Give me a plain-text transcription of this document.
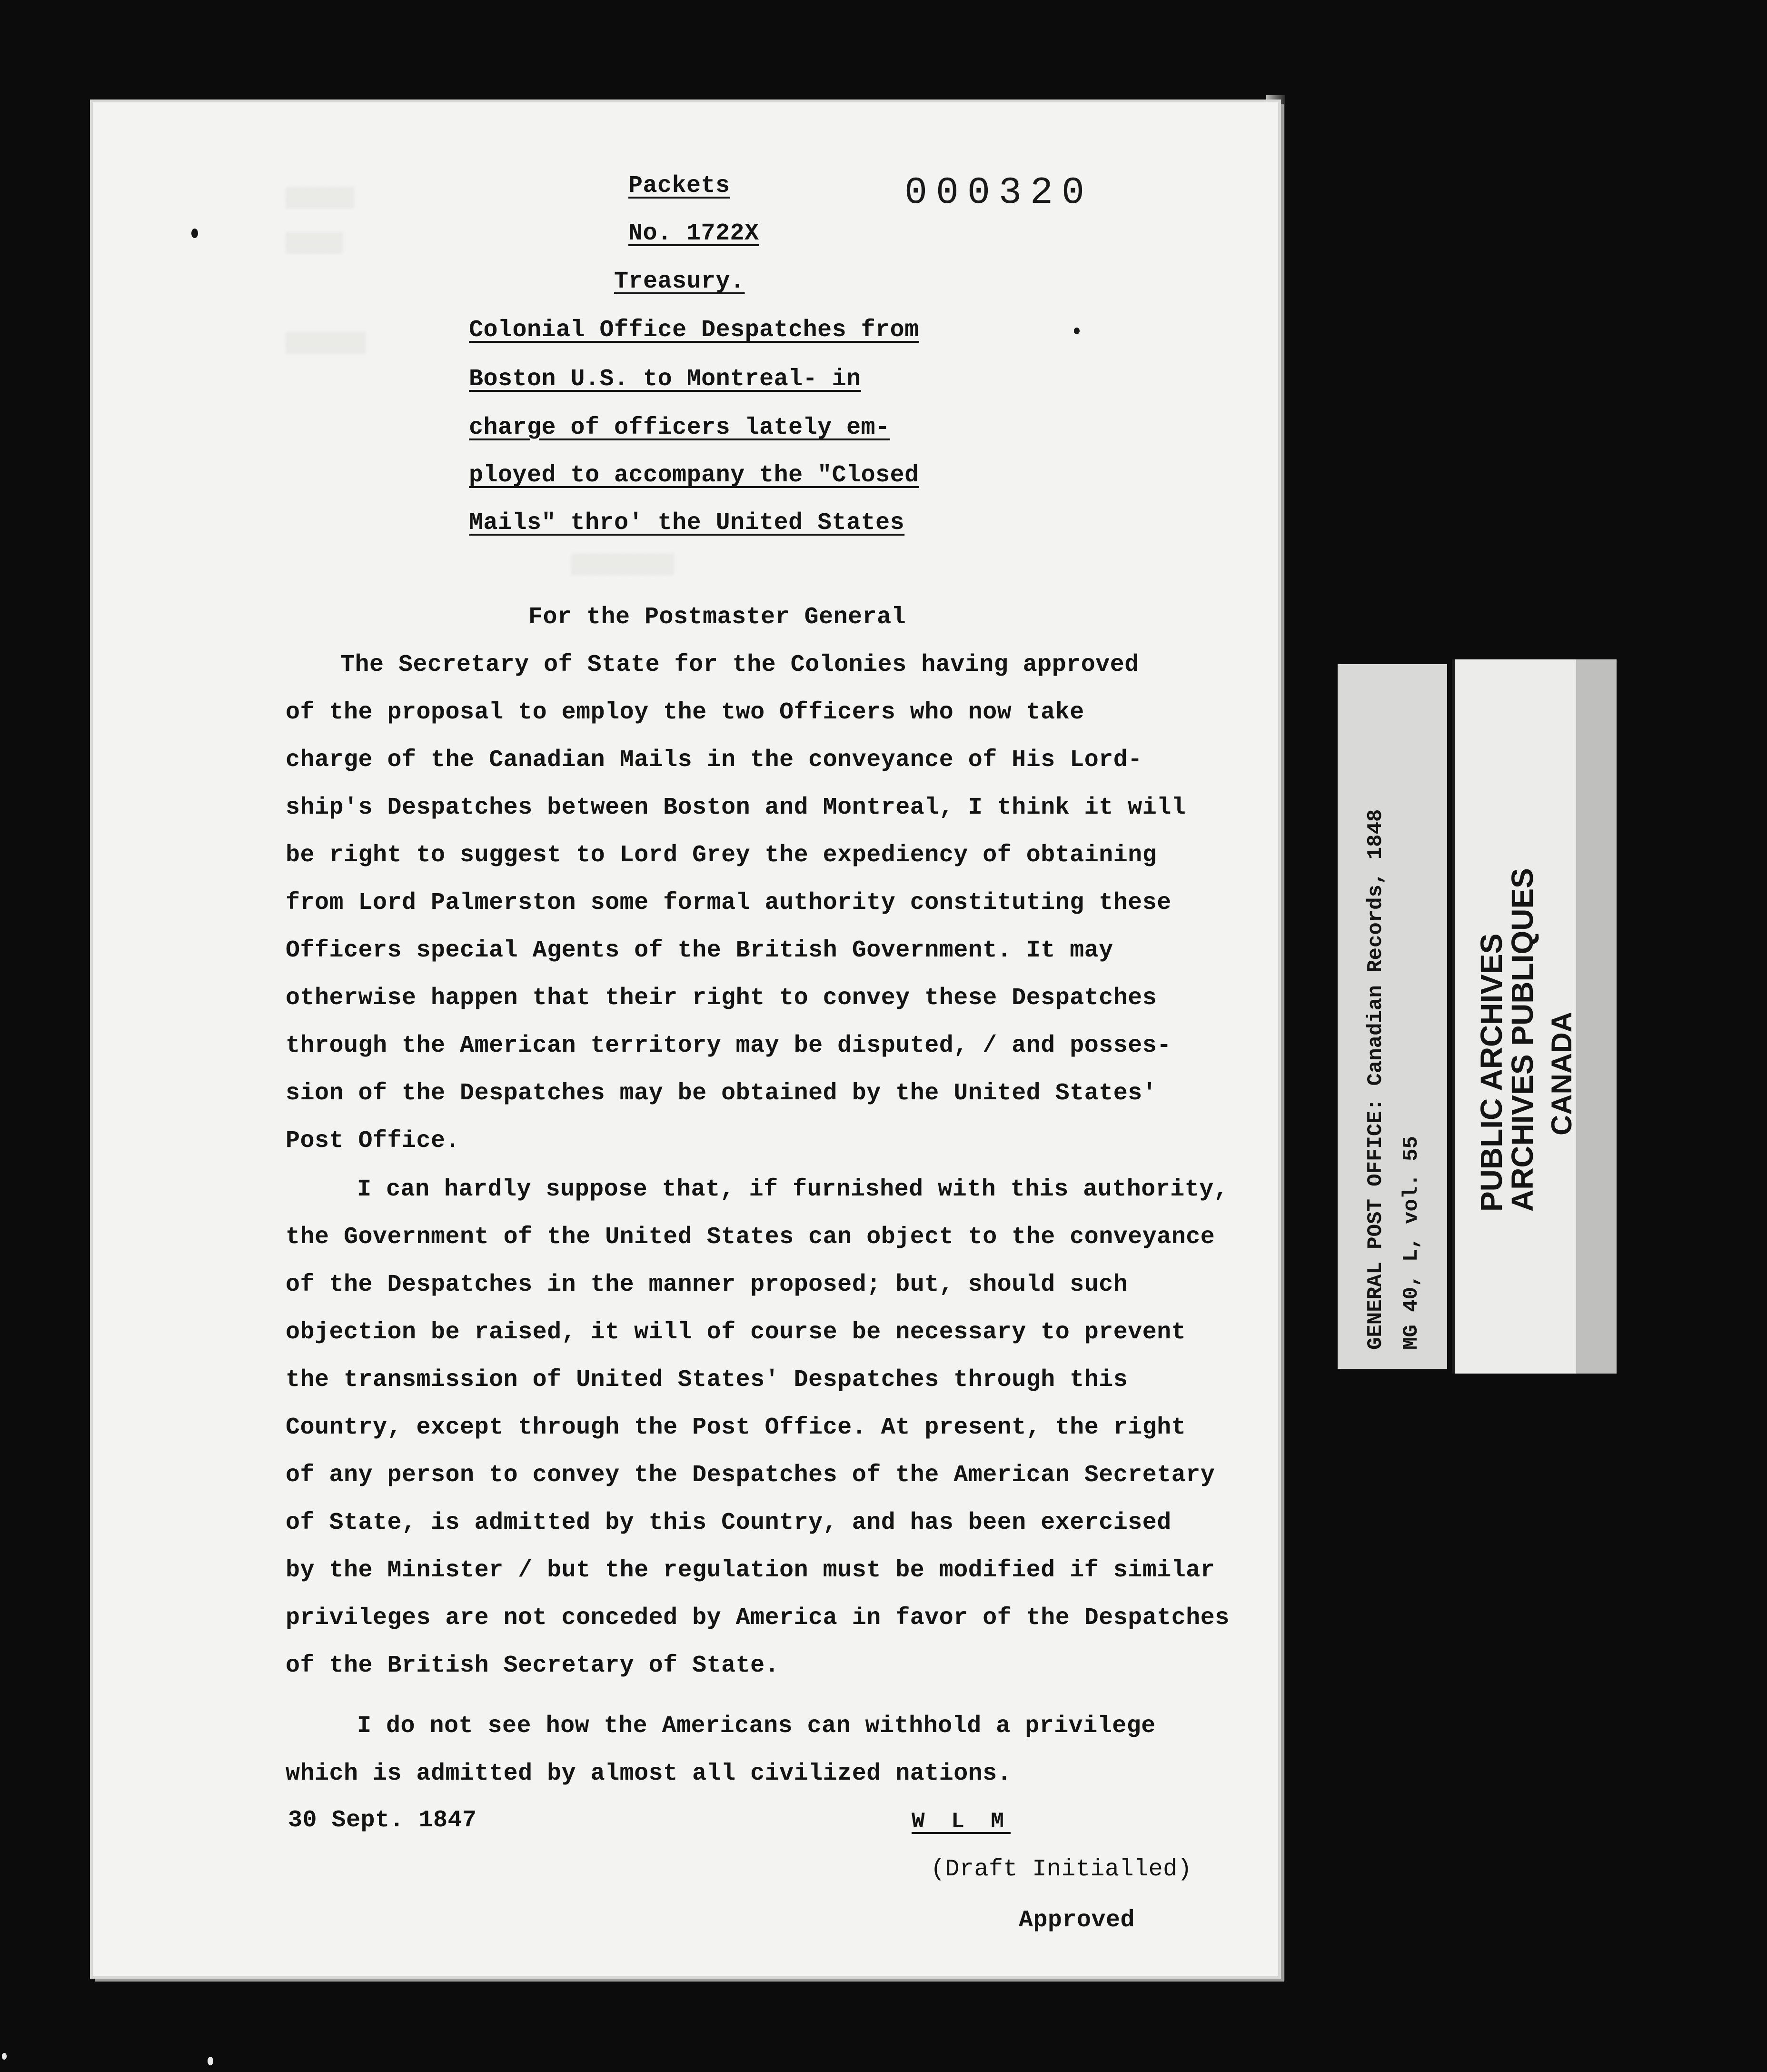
▒▒▒▒▒▒
▒▒▒▒▒
▒▒▒▒▒▒▒
▒▒▒▒▒▒▒▒▒
Packets	000320
No. 1722X
Treasury.
Colonial Office Despatches from
Boston U.S. to Montreal- in
charge of officers lately em-
ployed to accompany the "Closed
Mails" thro' the United States
For the Postmaster General
The Secretary of State for the Colonies having approved
of the proposal to employ the two Officers who now take
charge of the Canadian Mails in the conveyance of His Lord-
ship's Despatches between Boston and Montreal, I think it will
be right to suggest to Lord Grey the expediency of obtaining
from Lord Palmerston some formal authority constituting these
Officers special Agents of the British Government. It may
otherwise happen that their right to convey these Despatches
through the American territory may be disputed, / and posses-
sion of the Despatches may be obtained by the United States'
Post Office.
I can hardly suppose that, if furnished with this authority,
the Government of the United States can object to the conveyance
of the Despatches in the manner proposed; but, should such
objection be raised, it will of course be necessary to prevent
the transmission of United States' Despatches through this
Country, except through the Post Office. At present, the right
of any person to convey the Despatches of the American Secretary
of State, is admitted by this Country, and has been exercised
by the Minister / but the regulation must be modified if similar
privileges are not conceded by America in favor of the Despatches
of the British Secretary of State.
I do not see how the Americans can withhold a privilege
which is admitted by almost all civilized nations.
30 Sept. 1847	W L M
(Draft Initialled)
Approved
GENERAL POST OFFICE: Canadian Records, 1848 MG 40, L, vol. 55
PUBLIC ARCHIVES
ARCHIVES PUBLIQUES CANADA
